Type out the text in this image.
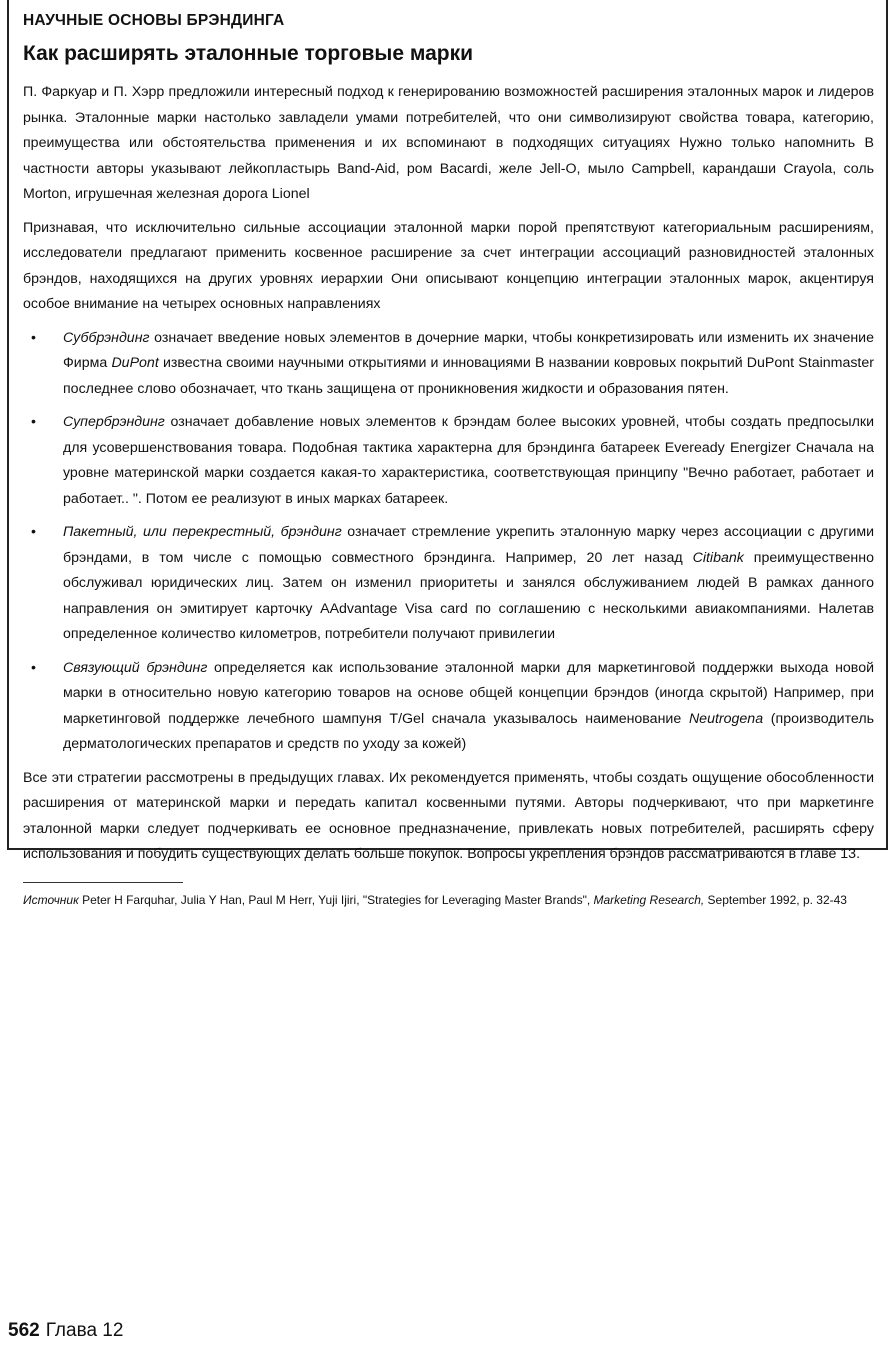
НАУЧНЫЕ ОСНОВЫ БРЭНДИНГА
Как расширять эталонные торговые марки

П. Фаркуар и П. Хэрр предложили интересный подход к генерированию возможностей расширения эталонных марок и лидеров рынка. Эталонные марки настолько завладели умами потребителей, что они символизируют свойства товара, категорию, преимущества или обстоятельства применения и их вспоминают в подходящих ситуациях Нужно только напомнить В частности авторы указывают лейкопластырь Band-Aid, ром Bacardi, желе Jell-O, мыло Campbell, карандаши Crayola, соль Morton, игрушечная железная дорога Lionel

Признавая, что исключительно сильные ассоциации эталонной марки порой препятствуют категориальным расширениям, исследователи предлагают применить косвенное расширение за счет интеграции ассоциаций разновидностей эталонных брэндов, находящихся на других уровнях иерархии Они описывают концепцию интеграции эталонных марок, акцентируя особое внимание на четырех основных направлениях

• Суббрэндинг означает введение новых элементов в дочерние марки, чтобы конкретизировать или изменить их значение Фирма DuPont известна своими научными открытиями и инновациями В названии ковровых покрытий DuPont Stainmaster последнее слово обозначает, что ткань защищена от проникновения жидкости и образования пятен.
• Супербрэндинг означает добавление новых элементов к брэндам более высоких уровней, чтобы создать предпосылки для усовершенствования товара. Подобная тактика характерна для брэндинга батареек Eveready Energizer Сначала на уровне материнской марки создается какая-то характеристика, соответствующая принципу "Вечно работает, работает и работает.. ". Потом ее реализуют в иных марках батареек.
• Пакетный, или перекрестный, брэндинг означает стремление укрепить эталонную марку через ассоциации с другими брэндами, в том числе с помощью совместного брэндинга. Например, 20 лет назад Citibank преимущественно обслуживал юридических лиц. Затем он изменил приоритеты и занялся обслуживанием людей В рамках данного направления он эмитирует карточку AAdvantage Visa card по соглашению с несколькими авиакомпаниями. Налетав определенное количество километров, потребители получают привилегии
• Связующий брэндинг определяется как использование эталонной марки для маркетинговой поддержки выхода новой марки в относительно новую категорию товаров на основе общей концепции брэндов (иногда скрытой) Например, при маркетинговой поддержке лечебного шампуня T/Gel сначала указывалось наименование Neutrogena (производитель дерматологических препаратов и средств по уходу за кожей)

Все эти стратегии рассмотрены в предыдущих главах. Их рекомендуется применять, чтобы создать ощущение обособленности расширения от материнской марки и передать капитал косвенными путями. Авторы подчеркивают, что при маркетинге эталонной марки следует подчеркивать ее основное предназначение, привлекать новых потребителей, расширять сферу использования и побудить существующих делать больше покупок. Вопросы укрепления брэндов рассматриваются в главе 13.

Источник Peter H Farquhar, Julia Y Han, Paul M Herr, Yuji Ijiri, "Strategies for Leveraging Master Brands", Marketing Research, September 1992, p. 32-43

562 Глава 12
